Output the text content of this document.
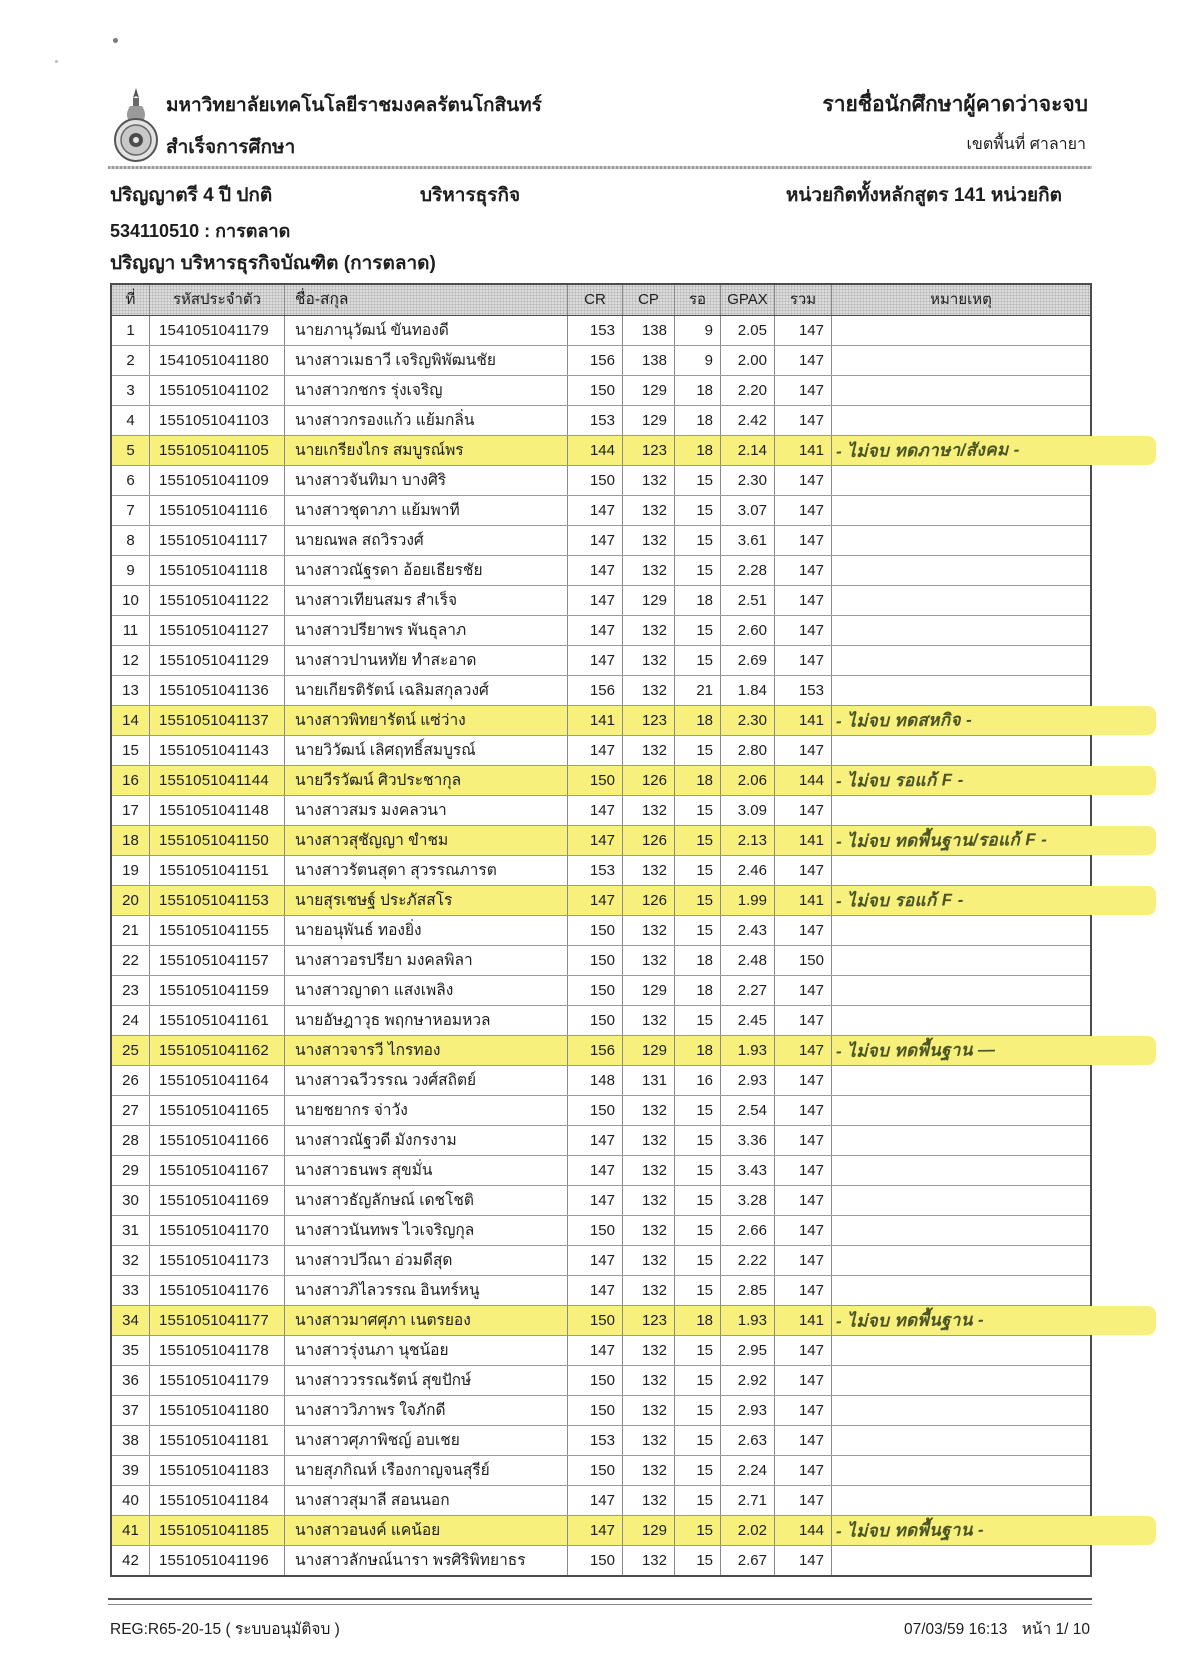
มหาวิทยาลัยเทคโนโลยีราชมงคลรัตนโกสินทร์
สำเร็จการศึกษา
รายชื่อนักศึกษาผู้คาดว่าจะจบ
เขตพื้นที่ ศาลายา
ปริญญาตรี 4 ปี ปกติ	บริหารธุรกิจ	หน่วยกิตทั้งหลักสูตร 141 หน่วยกิต
534110510 : การตลาด
ปริญญา บริหารธุรกิจบัณฑิต (การตลาด)
ที่	รหัสประจำตัว	ชื่อ-สกุล	CR	CP	รอ	GPAX	รวม	หมายเหตุ
1	1541051041179	นายภานุวัฒน์ ขันทองดี	153	138	9	2.05	147
2	1541051041180	นางสาวเมธาวี เจริญพิพัฒนชัย	156	138	9	2.00	147
3	1551051041102	นางสาวกชกร รุ่งเจริญ	150	129	18	2.20	147
4	1551051041103	นางสาวกรองแก้ว แย้มกลิ่น	153	129	18	2.42	147
5	1551051041105	นายเกรียงไกร สมบูรณ์พร	144	123	18	2.14	141 - ไม่จบ ทดภาษา/สังคม -
6	1551051041109	นางสาวจันทิมา บางศิริ	150	132	15	2.30	147
7	1551051041116	นางสาวชุดาภา แย้มพาที	147	132	15	3.07	147
8	1551051041117	นายณพล สถวิรวงศ์	147	132	15	3.61	147
9	1551051041118	นางสาวณัฐรดา อ้อยเธียรชัย	147	132	15	2.28	147
10	1551051041122	นางสาวเทียนสมร สำเร็จ	147	129	18	2.51	147
11	1551051041127	นางสาวปรียาพร พันธุลาภ	147	132	15	2.60	147
12	1551051041129	นางสาวปานหทัย ทำสะอาด	147	132	15	2.69	147
13	1551051041136	นายเกียรติรัตน์ เฉลิมสกุลวงศ์	156	132	21	1.84	153
14	1551051041137	นางสาวพิทยารัตน์ แซ่ว่าง	141	123	18	2.30	141 - ไม่จบ ทดสหกิจ -
15	1551051041143	นายวิวัฒน์ เลิศฤทธิ์สมบูรณ์	147	132	15	2.80	147
16	1551051041144	นายวีรวัฒน์ ศิวประชากุล	150	126	18	2.06	144 - ไม่จบ รอแก้ F -
17	1551051041148	นางสาวสมร มงคลวนา	147	132	15	3.09	147
18	1551051041150	นางสาวสุชัญญา ขำชม	147	126	15	2.13	141 - ไม่จบ ทดพื้นฐาน/รอแก้ F -
19	1551051041151	นางสาวรัตนสุดา สุวรรณภารต	153	132	15	2.46	147
20	1551051041153	นายสุรเชษฐ์ ประภัสสโร	147	126	15	1.99	141 - ไม่จบ รอแก้ F -
21	1551051041155	นายอนุพันธ์ ทองยิ่ง	150	132	15	2.43	147
22	1551051041157	นางสาวอรปรียา มงคลพิลา	150	132	18	2.48	150
23	1551051041159	นางสาวญาดา แสงเพลิง	150	129	18	2.27	147
24	1551051041161	นายอัษฎาวุธ พฤกษาหอมหวล	150	132	15	2.45	147
25	1551051041162	นางสาวจารวี ไกรทอง	156	129	18	1.93	147 - ไม่จบ ทดพื้นฐาน —
26	1551051041164	นางสาวฉวีวรรณ วงศ์สถิตย์	148	131	16	2.93	147
27	1551051041165	นายชยากร จ่าวัง	150	132	15	2.54	147
28	1551051041166	นางสาวณัฐวดี มังกรงาม	147	132	15	3.36	147
29	1551051041167	นางสาวธนพร สุขมั่น	147	132	15	3.43	147
30	1551051041169	นางสาวธัญลักษณ์ เดชโชติ	147	132	15	3.28	147
31	1551051041170	นางสาวนันทพร ไวเจริญกุล	150	132	15	2.66	147
32	1551051041173	นางสาวปวีณา อ่วมดีสุด	147	132	15	2.22	147
33	1551051041176	นางสาวภิไลวรรณ อินทร์หนู	147	132	15	2.85	147
34	1551051041177	นางสาวมาศศุภา เนตรยอง	150	123	18	1.93	141 - ไม่จบ ทดพื้นฐาน -
35	1551051041178	นางสาวรุ่งนภา นุชน้อย	147	132	15	2.95	147
36	1551051041179	นางสาววรรณรัตน์ สุขปักษ์	150	132	15	2.92	147
37	1551051041180	นางสาววิภาพร ใจภักดี	150	132	15	2.93	147
38	1551051041181	นางสาวศุภาพิชญ์ อบเชย	153	132	15	2.63	147
39	1551051041183	นายสุภกิณห์ เรืองกาญจนสุรีย์	150	132	15	2.24	147
40	1551051041184	นางสาวสุมาลี สอนนอก	147	132	15	2.71	147
41	1551051041185	นางสาวอนงค์ แคน้อย	147	129	15	2.02	144 - ไม่จบ ทดพื้นฐาน -
42	1551051041196	นางสาวลักษณ์นารา พรศิริพิทยาธร	150	132	15	2.67	147
REG:R65-20-15 ( ระบบอนุมัติจบ )	07/03/59 16:13 หน้า 1/ 10
